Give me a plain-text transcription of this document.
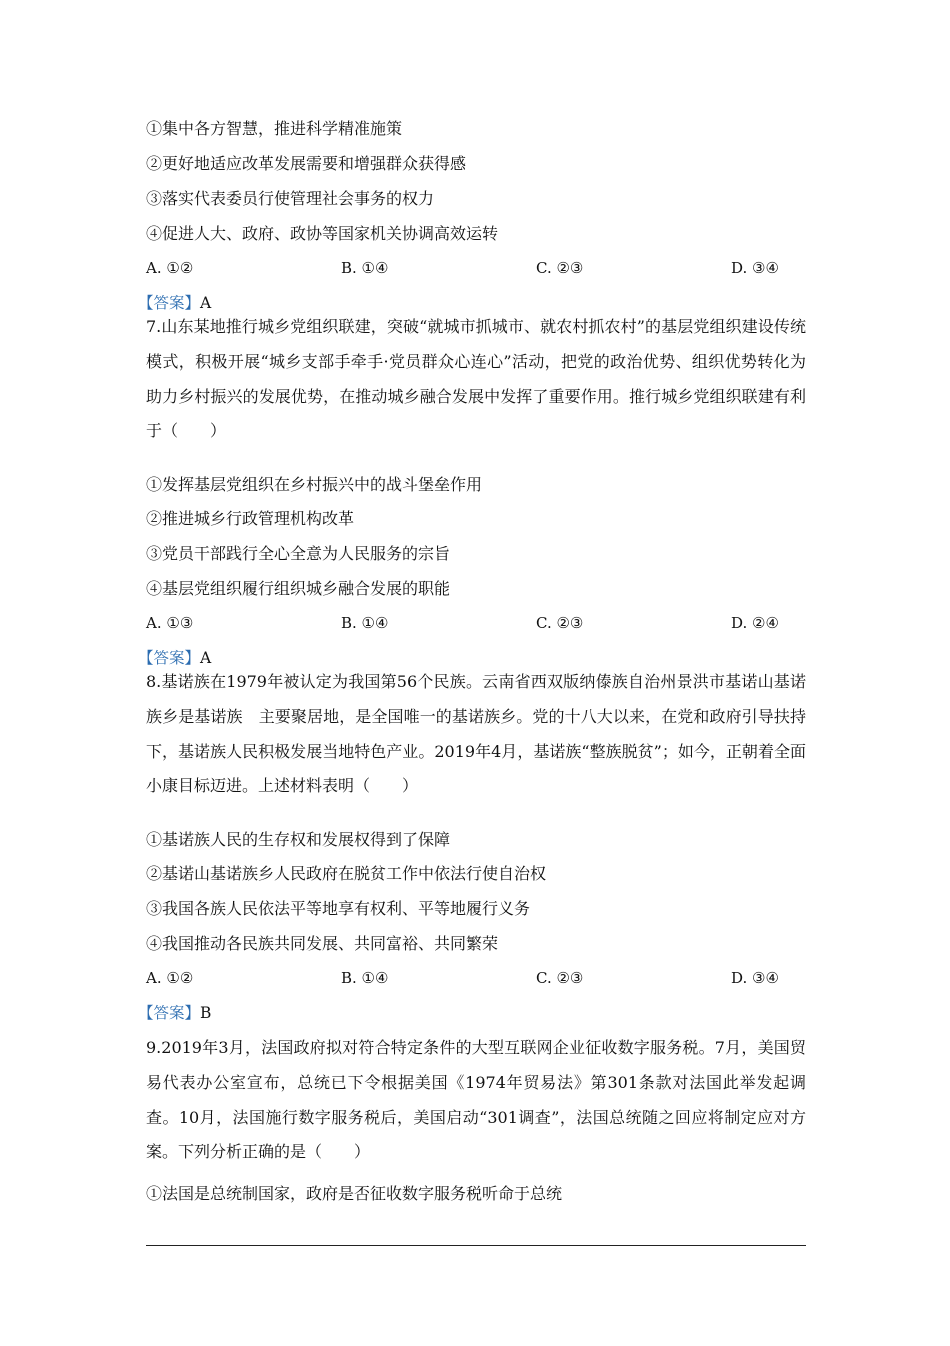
①集中各方智慧，推进科学精准施策
②更好地适应改革发展需要和增强群众获得感
③落实代表委员行使管理社会事务的权力
④促进人大、政府、政协等国家机关协调高效运转
A. ①②	B. ①④	C. ②③	D. ③④
【答案】A
7.山东某地推行城乡党组织联建，突破“就城市抓城市、就农村抓农村”的基层党组织建设传统模式，积极开展“城乡支部手牵手·党员群众心连心”活动，把党的政治优势、组织优势转化为助力乡村振兴的发展优势，在推动城乡融合发展中发挥了重要作用。推行城乡党组织联建有利于（　　）
①发挥基层党组织在乡村振兴中的战斗堡垒作用
②推进城乡行政管理机构改革
③党员干部践行全心全意为人民服务的宗旨
④基层党组织履行组织城乡融合发展的职能
A. ①③	B. ①④	C. ②③	D. ②④
【答案】A
8.基诺族在1979年被认定为我国第56个民族。云南省西双版纳傣族自治州景洪市基诺山基诺族乡是基诺族　主要聚居地，是全国唯一的基诺族乡。党的十八大以来，在党和政府引导扶持下，基诺族人民积极发展当地特色产业。2019年4月，基诺族“整族脱贫”；如今，正朝着全面小康目标迈进。上述材料表明（　　）
①基诺族人民的生存权和发展权得到了保障
②基诺山基诺族乡人民政府在脱贫工作中依法行使自治权
③我国各族人民依法平等地享有权利、平等地履行义务
④我国推动各民族共同发展、共同富裕、共同繁荣
A. ①②	B. ①④	C. ②③	D. ③④
【答案】B
9.2019年3月，法国政府拟对符合特定条件的大型互联网企业征收数字服务税。7月，美国贸易代表办公室宣布，总统已下令根据美国《1974年贸易法》第301条款对法国此举发起调查。10月，法国施行数字服务税后，美国启动“301调查”，法国总统随之回应将制定应对方案。下列分析正确的是（　　）
①法国是总统制国家，政府是否征收数字服务税听命于总统
